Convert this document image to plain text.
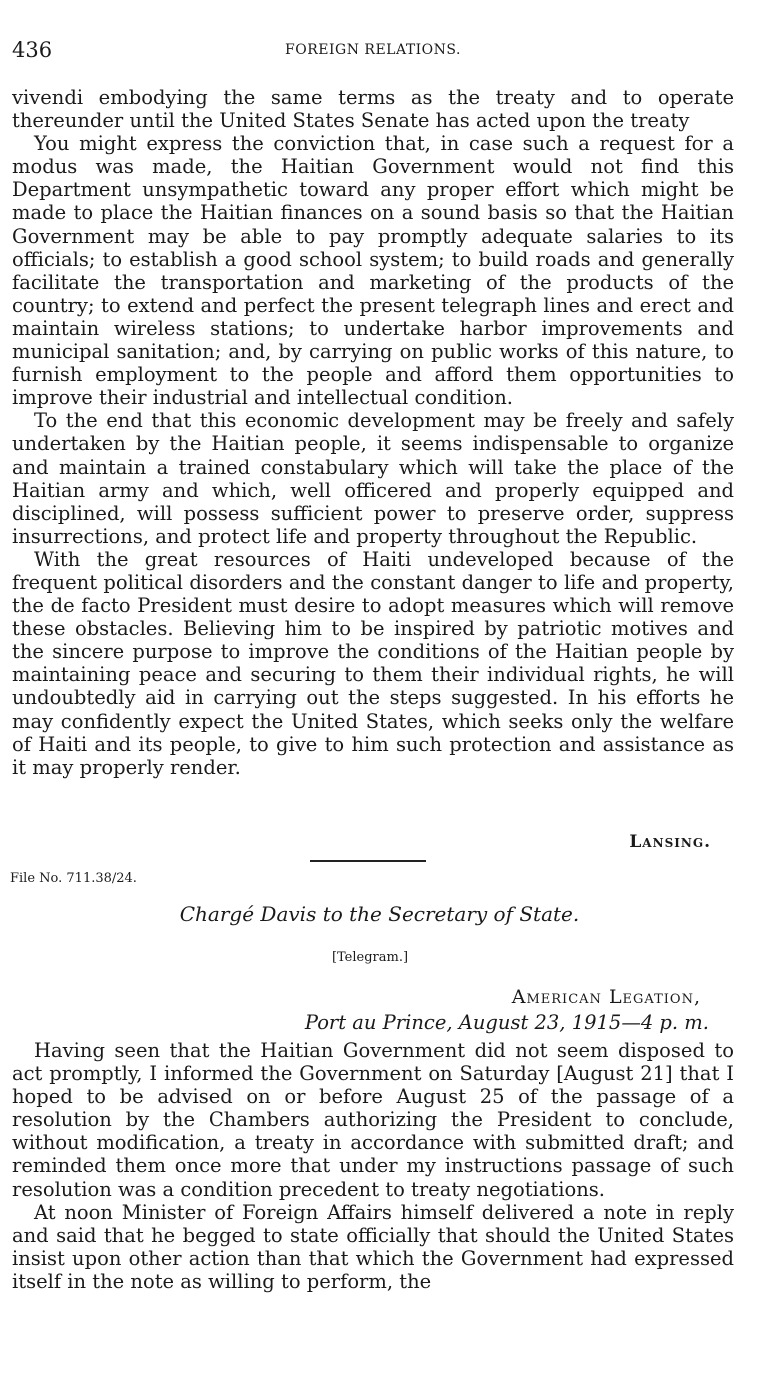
436	FOREIGN RELATIONS.

vivendi embodying the same terms as the treaty and to operate thereunder until the United States Senate has acted upon the treaty

You might express the conviction that, in case such a request for a modus was made, the Haitian Government would not find this Department unsympathetic toward any proper effort which might be made to place the Haitian finances on a sound basis so that the Haitian Government may be able to pay promptly adequate salaries to its officials; to establish a good school system; to build roads and generally facilitate the transportation and marketing of the products of the country; to extend and perfect the present telegraph lines and erect and maintain wireless stations; to undertake harbor improvements and municipal sanitation; and, by carrying on public works of this nature, to furnish employment to the people and afford them opportunities to improve their industrial and intellectual condition.

To the end that this economic development may be freely and safely undertaken by the Haitian people, it seems indispensable to organize and maintain a trained constabulary which will take the place of the Haitian army and which, well officered and properly equipped and disciplined, will possess sufficient power to preserve order, suppress insurrections, and protect life and property throughout the Republic.

With the great resources of Haiti undeveloped because of the frequent political disorders and the constant danger to life and property, the de facto President must desire to adopt measures which will remove these obstacles. Believing him to be inspired by patriotic motives and the sincere purpose to improve the conditions of the Haitian people by maintaining peace and securing to them their individual rights, he will undoubtedly aid in carrying out the steps suggested. In his efforts he may confidently expect the United States, which seeks only the welfare of Haiti and its people, to give to him such protection and assistance as it may properly render.

Lansing.
File No. 711.38/24.
Chargé Davis to the Secretary of State.
[Telegram.]
American Legation,
Port au Prince, August 23, 1915—4 p. m.

Having seen that the Haitian Government did not seem disposed to act promptly, I informed the Government on Saturday [August 21] that I hoped to be advised on or before August 25 of the passage of a resolution by the Chambers authorizing the President to conclude, without modification, a treaty in accordance with submitted draft; and reminded them once more that under my instructions passage of such resolution was a condition precedent to treaty negotiations.

At noon Minister of Foreign Affairs himself delivered a note in reply and said that he begged to state officially that should the United States insist upon other action than that which the Government had expressed itself in the note as willing to perform, the
